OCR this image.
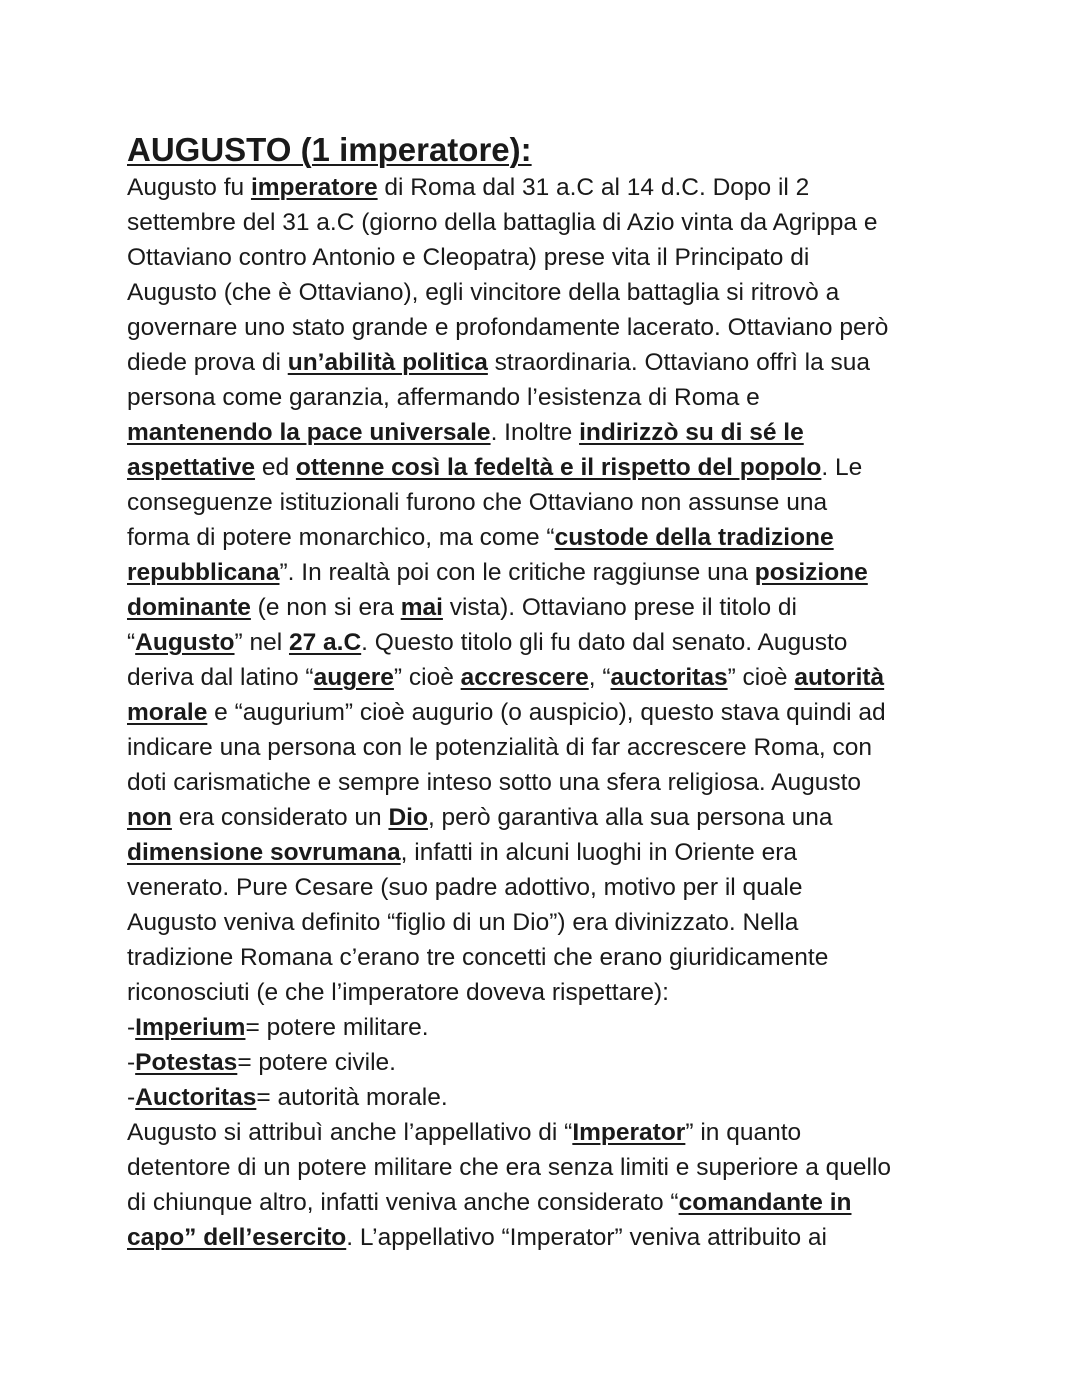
AUGUSTO (1 imperatore):
Augusto fu imperatore di Roma dal 31 a.C al 14 d.C. Dopo il 2
settembre del 31 a.C (giorno della battaglia di Azio vinta da Agrippa e
Ottaviano contro Antonio e Cleopatra) prese vita il Principato di
Augusto (che è Ottaviano), egli vincitore della battaglia si ritrovò a
governare uno stato grande e profondamente lacerato. Ottaviano però
diede prova di un’abilità politica straordinaria. Ottaviano offrì la sua
persona come garanzia, affermando l’esistenza di Roma e
mantenendo la pace universale. Inoltre indirizzò su di sé le
aspettative ed ottenne così la fedeltà e il rispetto del popolo. Le
conseguenze istituzionali furono che Ottaviano non assunse una
forma di potere monarchico, ma come “custode della tradizione
repubblicana”. In realtà poi con le critiche raggiunse una posizione
dominante (e non si era mai vista). Ottaviano prese il titolo di
“Augusto” nel 27 a.C. Questo titolo gli fu dato dal senato. Augusto
deriva dal latino “augere” cioè accrescere, “auctoritas” cioè autorità
morale e “augurium” cioè augurio (o auspicio), questo stava quindi ad
indicare una persona con le potenzialità di far accrescere Roma, con
doti carismatiche e sempre inteso sotto una sfera religiosa. Augusto
non era considerato un Dio, però garantiva alla sua persona una
dimensione sovrumana, infatti in alcuni luoghi in Oriente era
venerato. Pure Cesare (suo padre adottivo, motivo per il quale
Augusto veniva definito “figlio di un Dio”) era divinizzato. Nella
tradizione Romana c’erano tre concetti che erano giuridicamente
riconosciuti (e che l’imperatore doveva rispettare):
-Imperium= potere militare.
-Potestas= potere civile.
-Auctoritas= autorità morale.
Augusto si attribuì anche l’appellativo di “Imperator” in quanto
detentore di un potere militare che era senza limiti e superiore a quello
di chiunque altro, infatti veniva anche considerato “comandante in
capo” dell’esercito. L’appellativo “Imperator” veniva attribuito ai
